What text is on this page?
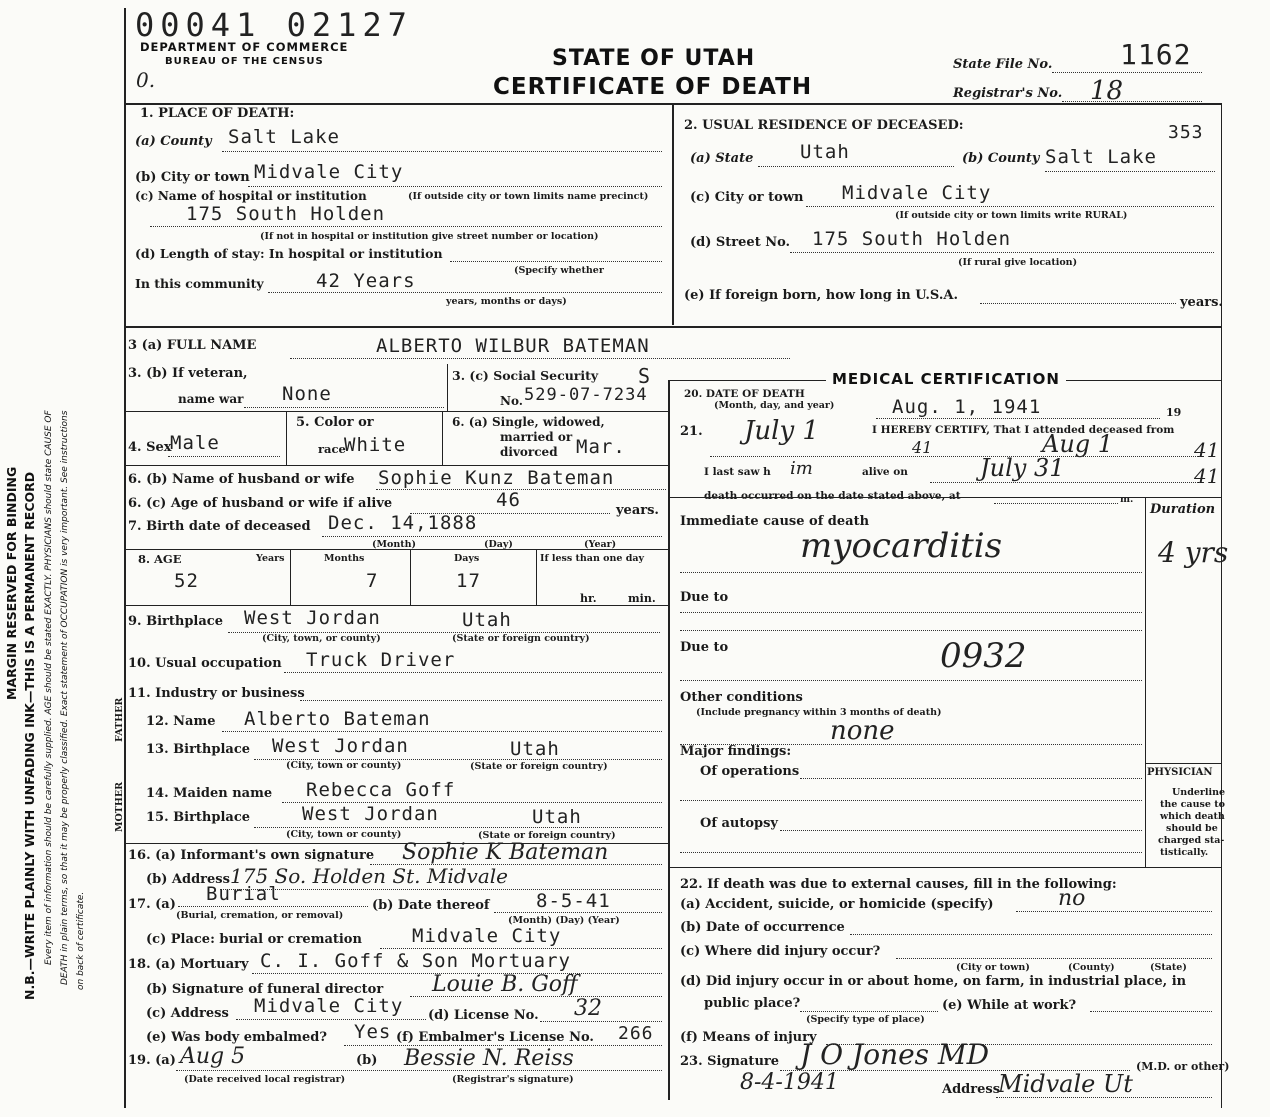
MARGIN RESERVED FOR BINDING N.B.—WRITE PLAINLY WITH UNFADING INK—THIS IS A PERMANENT RECORD Every item of information should be carefully supplied. AGE should be stated EXACTLY. PHYSICIANS should state CAUSE OF DEATH in plain terms, so that it may be properly classified. Exact statement of OCCUPATION is very important. See instructions on back of certificate.
00041 02127
DEPARTMENT OF COMMERCE
BUREAU OF THE CENSUS
0.
STATE OF UTAH
CERTIFICATE OF DEATH
State File No. 1162
Registrar's No. 18
353
1. PLACE OF DEATH:
(a) County Salt Lake
(b) City or town Midvale City
(c) Name of hospital or institution	(If outside city or town limits name precinct)
175 South Holden
(If not in hospital or institution give street number or location)
(d) Length of stay: In hospital or institution
(Specify whether
In this community	42 Years
years, months or days)
2. USUAL RESIDENCE OF DECEASED:
(a) State Utah	(b) County Salt Lake
(c) City or town Midvale City
(If outside city or town limits write RURAL)
(d) Street No. 175 South Holden
(If rural give location)
(e) If foreign born, how long in U.S.A.	years.
3 (a) FULL NAME	ALBERTO WILBUR BATEMAN
3. (b) If veteran,
name war None
3. (c) Social Security S
No. 529-07-7234
4. Sex
Male
5. Color or
race
White
6. (a) Single, widowed,
married or
divorced Mar.
6. (b) Name of husband or wife Sophie Kunz Bateman
6. (c) Age of husband or wife if alive	46	years.
7. Birth date of deceased Dec. 14,1888
(Month)	(Day)	(Year)
8. AGE	Years	Months	Days	If less than one day
52	7	17
hr.	min.
9. Birthplace West Jordan	Utah
(City, town, or county)	(State or foreign country)
10. Usual occupation Truck Driver
11. Industry or business
FATHER
MOTHER
12. Name Alberto Bateman
13. Birthplace West Jordan	Utah
(City, town or county)	(State or foreign country)
14. Maiden name Rebecca Goff
15. Birthplace	West Jordan	Utah
(City, town or county)	(State or foreign country)
16. (a) Informant's own signature Sophie K Bateman
(b) Address 175 So. Holden St. Midvale
17. (a) Burial
(Burial, cremation, or removal)
(b) Date thereof 8-5-41
(Month) (Day) (Year)
(c) Place: burial or cremation	Midvale City
18. (a) Mortuary C. I. Goff & Son Mortuary
(b) Signature of funeral director Louie B. Goff
(c) Address Midvale City (d) License No. 32
(e) Was body embalmed? Yes (f) Embalmer's License No. 266
19. (a) Aug 5	(b) Bessie N. Reiss
(Date received local registrar)	(Registrar's signature)
MEDICAL CERTIFICATION
20. DATE OF DEATH
(Month, day, and year)	Aug. 1, 1941	19
21. July 1	I HEREBY CERTIFY, That I attended deceased from
41	Aug 1	41
I last saw h im	alive on	July 31	41
death occurred on the date stated above, at	m.
Immediate cause of death
Duration
myocarditis	4 yrs
Due to
Due to	0932
Other conditions
(Include pregnancy within 3 months of death)
none
Major findings:
Of operations
Of autopsy
PHYSICIAN
Underline
the cause to
which death
should be
charged sta-
tistically.
22. If death was due to external causes, fill in the following:
(a) Accident, suicide, or homicide (specify)	no
(b) Date of occurrence
(c) Where did injury occur?
(City or town)	(County)	(State)
(d) Did injury occur in or about home, on farm, in industrial place, in
public place?
(Specify type of place)
(e) While at work?
(f) Means of injury
23. Signature J O Jones MD	(M.D. or other)
8-4-1941	Address
Midvale Ut
